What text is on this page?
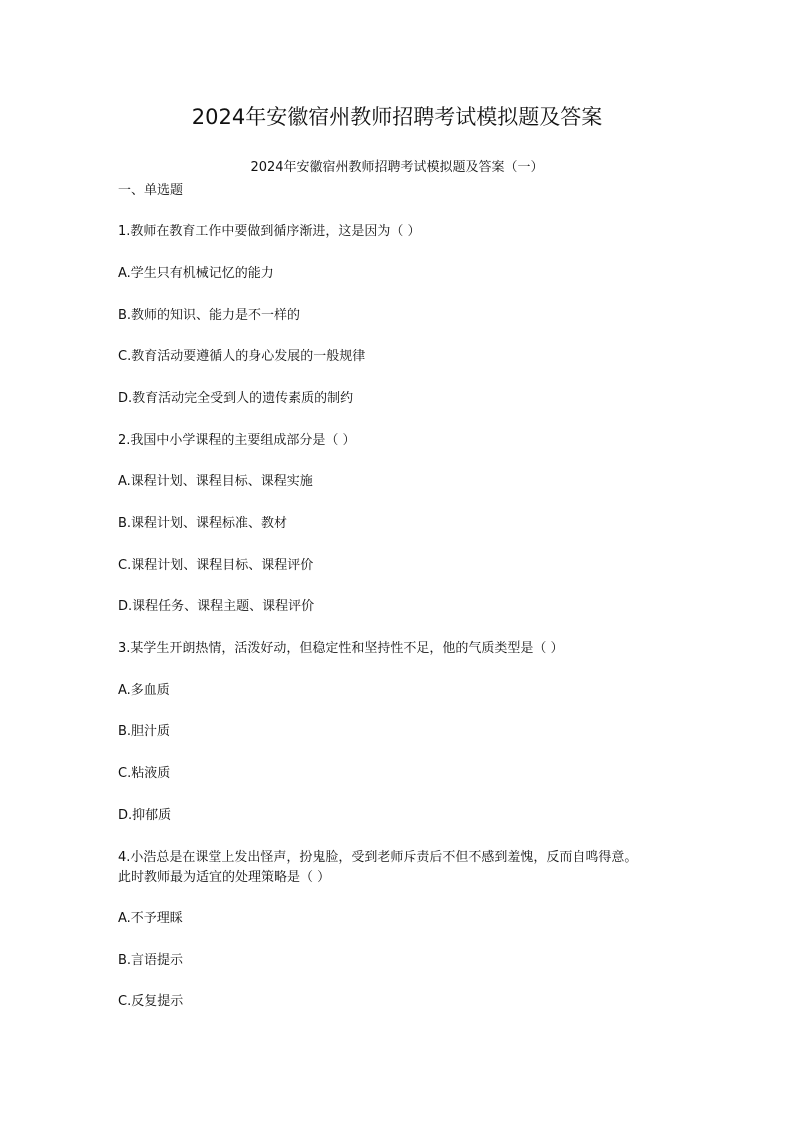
2024年安徽宿州教师招聘考试模拟题及答案
2024年安徽宿州教师招聘考试模拟题及答案（一）
一、单选题
1.教师在教育工作中要做到循序渐进，这是因为（ ）
A.学生只有机械记忆的能力
B.教师的知识、能力是不一样的
C.教育活动要遵循人的身心发展的一般规律
D.教育活动完全受到人的遗传素质的制约
2.我国中小学课程的主要组成部分是（ ）
A.课程计划、课程目标、课程实施
B.课程计划、课程标准、教材
C.课程计划、课程目标、课程评价
D.课程任务、课程主题、课程评价
3.某学生开朗热情，活泼好动，但稳定性和坚持性不足，他的气质类型是（ ）
A.多血质
B.胆汁质
C.粘液质
D.抑郁质
4.小浩总是在课堂上发出怪声，扮鬼脸，受到老师斥责后不但不感到羞愧，反而自鸣得意。
此时教师最为适宜的处理策略是（ ）
A.不予理睬
B.言语提示
C.反复提示
